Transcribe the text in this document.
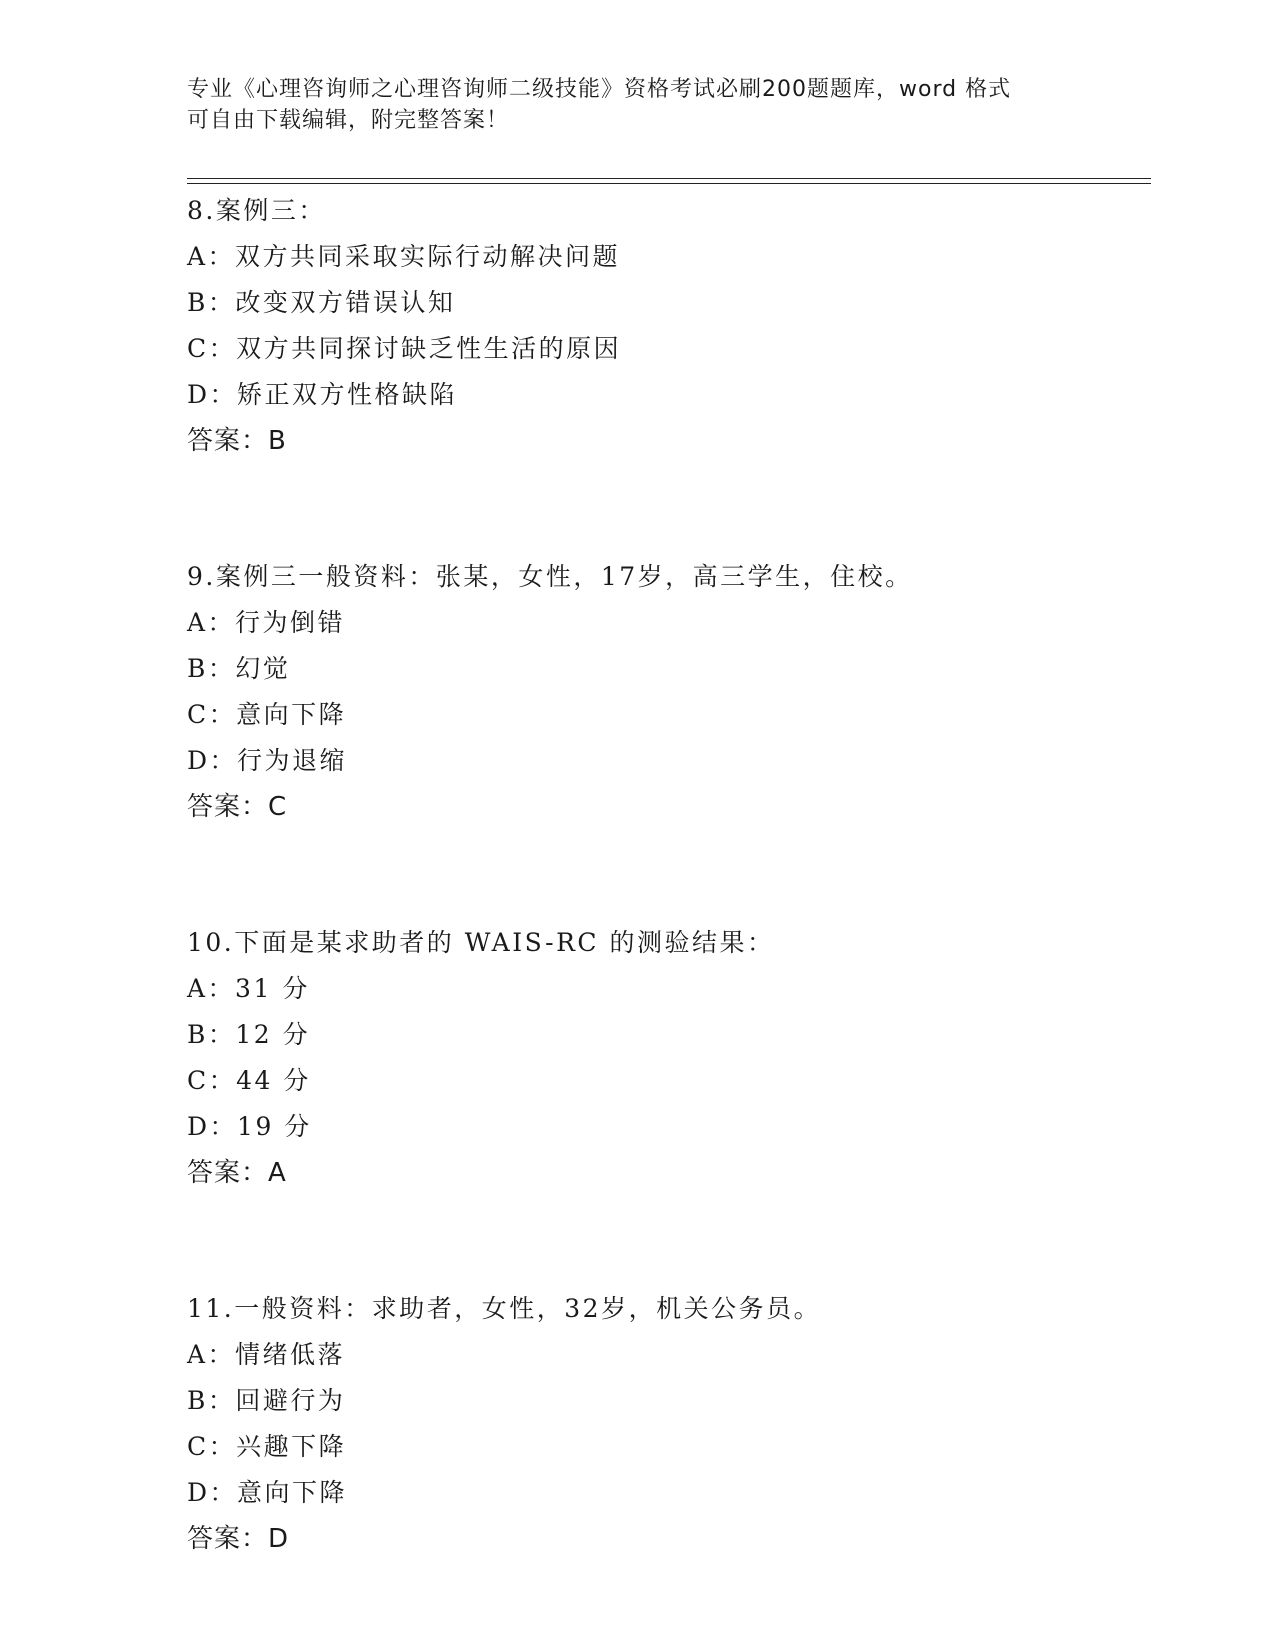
专业《心理咨询师之心理咨询师二级技能》资格考试必刷200题题库，word 格式
可自由下载编辑，附完整答案！
8.案例三：
A：双方共同采取实际行动解决问题
B：改变双方错误认知
C：双方共同探讨缺乏性生活的原因
D：矫正双方性格缺陷
答案：B
9.案例三一般资料：张某，女性，17岁，高三学生，住校。
A：行为倒错
B：幻觉
C：意向下降
D：行为退缩
答案：C
10.下面是某求助者的 WAIS-RC 的测验结果：
A：31 分
B：12 分
C：44 分
D：19 分
答案：A
11.一般资料：求助者，女性，32岁，机关公务员。
A：情绪低落
B：回避行为
C：兴趣下降
D：意向下降
答案：D
